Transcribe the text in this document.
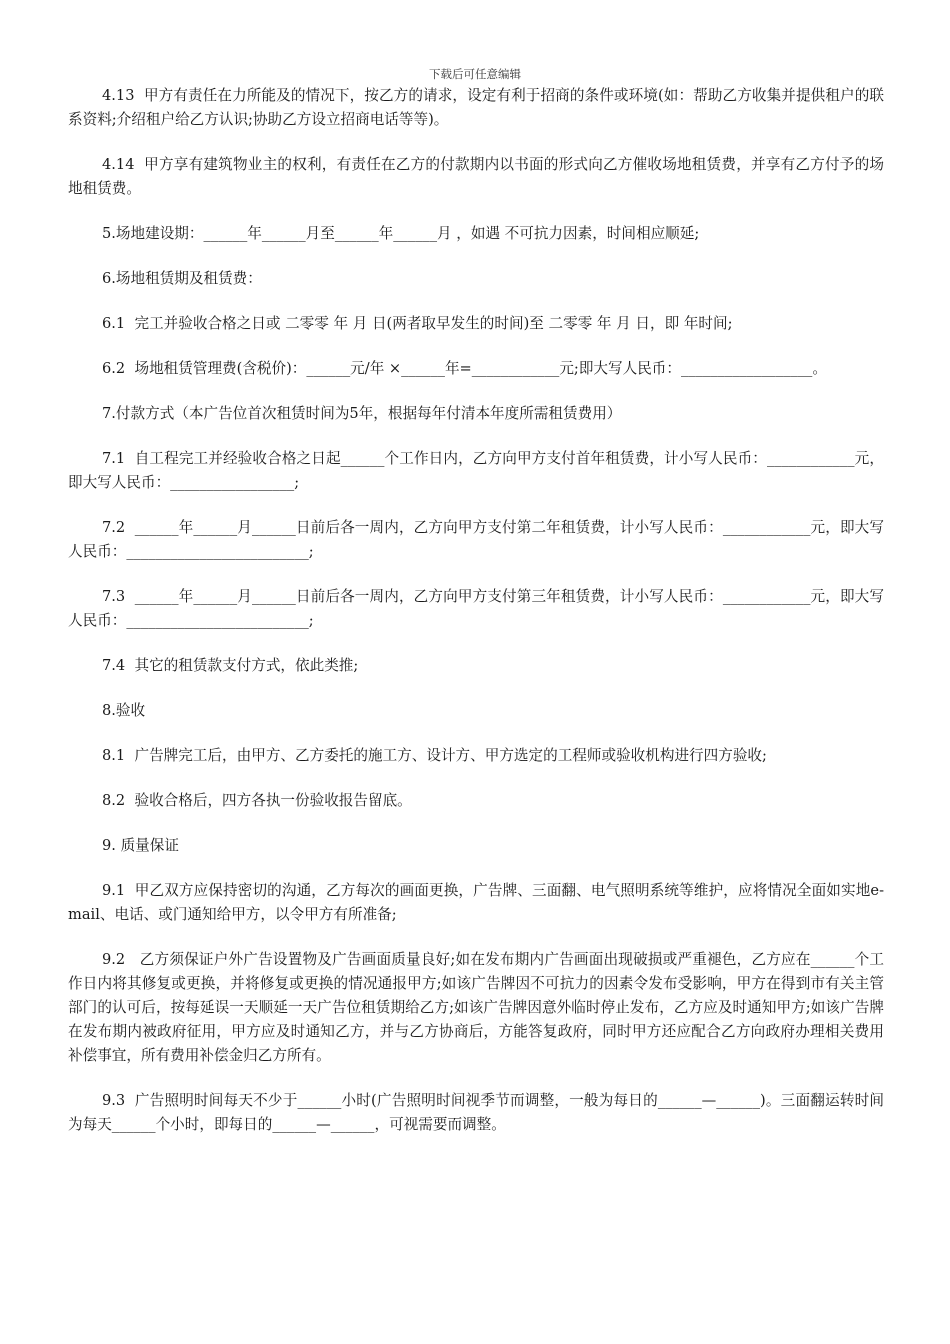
下载后可任意编辑

4.13  甲方有责任在力所能及的情况下，按乙方的请求，设定有利于招商的条件或环境(如：帮助乙方收集并提供租户的联系资料;介绍租户给乙方认识;协助乙方设立招商电话等等)。

4.14  甲方享有建筑物业主的权利，有责任在乙方的付款期内以书面的形式向乙方催收场地租赁费，并享有乙方付予的场地租赁费。

5.场地建设期：______年______月至______年______月 ，如遇 不可抗力因素，时间相应顺延;

6.场地租赁期及租赁费：

6.1  完工并验收合格之日或 二零零 年 月 日(两者取早发生的时间)至 二零零 年 月 日，即 年时间;

6.2  场地租赁管理费(含税价)：______元/年 ×______年=____________元;即大写人民币：__________________。

7.付款方式（本广告位首次租赁时间为5年，根据每年付清本年度所需租赁费用）

7.1  自工程完工并经验收合格之日起______个工作日内，乙方向甲方支付首年租赁费，计小写人民币：____________元，即大写人民币：_________________;

7.2  ______年______月______日前后各一周内，乙方向甲方支付第二年租赁费，计小写人民币：____________元，即大写人民币：_________________________;

7.3  ______年______月______日前后各一周内，乙方向甲方支付第三年租赁费，计小写人民币：____________元，即大写人民币：_________________________;

7.4  其它的租赁款支付方式，依此类推;

8.验收

8.1  广告牌完工后，由甲方、乙方委托的施工方、设计方、甲方选定的工程师或验收机构进行四方验收;

8.2  验收合格后，四方各执一份验收报告留底。

9. 质量保证

9.1  甲乙双方应保持密切的沟通，乙方每次的画面更换，广告牌、三面翻、电气照明系统等维护，应将情况全面如实地e-mail、电话、或门通知给甲方，以令甲方有所准备;

9.2   乙方须保证户外广告设置物及广告画面质量良好;如在发布期内广告画面出现破损或严重褪色，乙方应在______个工作日内将其修复或更换，并将修复或更换的情况通报甲方;如该广告牌因不可抗力的因素令发布受影响，甲方在得到市有关主管部门的认可后，按每延误一天顺延一天广告位租赁期给乙方;如该广告牌因意外临时停止发布，乙方应及时通知甲方;如该广告牌在发布期内被政府征用，甲方应及时通知乙方，并与乙方协商后，方能答复政府，同时甲方还应配合乙方向政府办理相关费用补偿事宜，所有费用补偿金归乙方所有。

9.3  广告照明时间每天不少于______小时(广告照明时间视季节而调整，一般为每日的______—______)。三面翻运转时间为每天______个小时，即每日的______—______，可视需要而调整。
